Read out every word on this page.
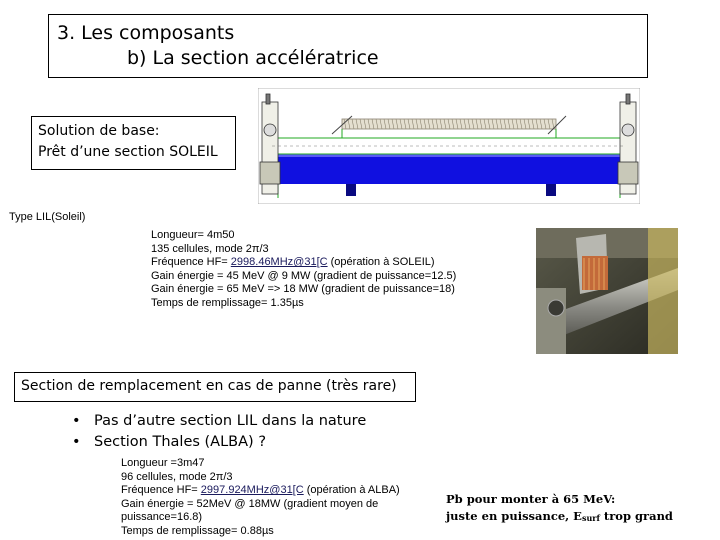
3. Les composants
b) La section accélératrice
Solution de base:
Prêt d’une section SOLEIL
Type LIL(Soleil)
Longueur= 4m50
135 cellules, mode 2π/3
Fréquence HF= 2998.46MHz@31[C (opération à SOLEIL)
Gain énergie = 45 MeV @ 9 MW (gradient de puissance=12.5)
Gain énergie = 65 MeV => 18 MW (gradient de puissance=18)
Temps de remplissage= 1.35µs
Section de remplacement en cas de panne (très rare)
• Pas d’autre section LIL dans la nature
• Section Thales (ALBA) ?
Longueur =3m47
96 cellules, mode 2π/3
Fréquence HF= 2997.924MHz@31[C (opération à ALBA)
Gain énergie = 52MeV @ 18MW (gradient moyen de
puissance=16.8)
Temps de remplissage= 0.88µs
Pb pour monter à 65 MeV:
juste en puissance, $E_{surf}$ trop grand
